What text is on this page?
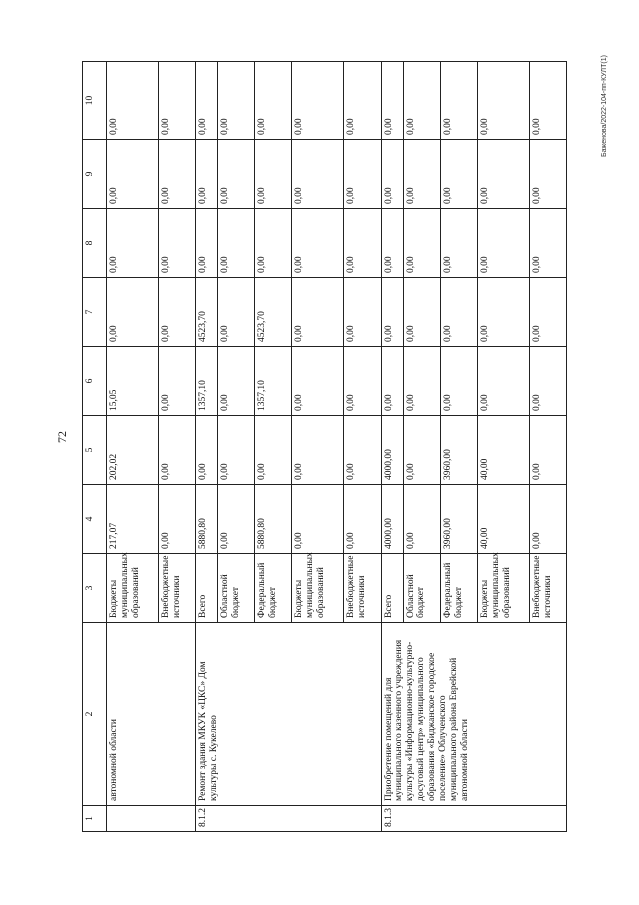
72
Баженова/2022-104-пп-КУЛТ(1)
1	2	3	4	5	6	7	8	9	10
	автономной области	Бюджеты муниципальных образований	217,07	202,02	15,05	0,00	0,00	0,00	0,00
		Внебюджетные источники	0,00	0,00	0,00	0,00	0,00	0,00	0,00
8.1.2	Ремонт здания МКУК «ЦКС» Дом культуры с. Кукелево	Всего	5880,80	0,00	1357,10	4523,70	0,00	0,00	0,00
		Областной бюджет	0,00	0,00	0,00	0,00	0,00	0,00	0,00
		Федеральный бюджет	5880,80	0,00	1357,10	4523,70	0,00	0,00	0,00
		Бюджеты муниципальных образований	0,00	0,00	0,00	0,00	0,00	0,00	0,00
		Внебюджетные источники	0,00	0,00	0,00	0,00	0,00	0,00	0,00
8.1.3	Приобретение помещений для муниципального казенного учреждения культуры «Информационно-культурно-досуговый центр» муниципального образования «Биджанское городское поселение» Облученского муниципального района Еврейской автономной области	Всего	4000,00	4000,00	0,00	0,00	0,00	0,00	0,00
		Областной бюджет	0,00	0,00	0,00	0,00	0,00	0,00	0,00
		Федеральный бюджет	3960,00	3960,00	0,00	0,00	0,00	0,00	0,00
		Бюджеты муниципальных образований	40,00	40,00	0,00	0,00	0,00	0,00	0,00
		Внебюджетные источники	0,00	0,00	0,00	0,00	0,00	0,00	0,00
